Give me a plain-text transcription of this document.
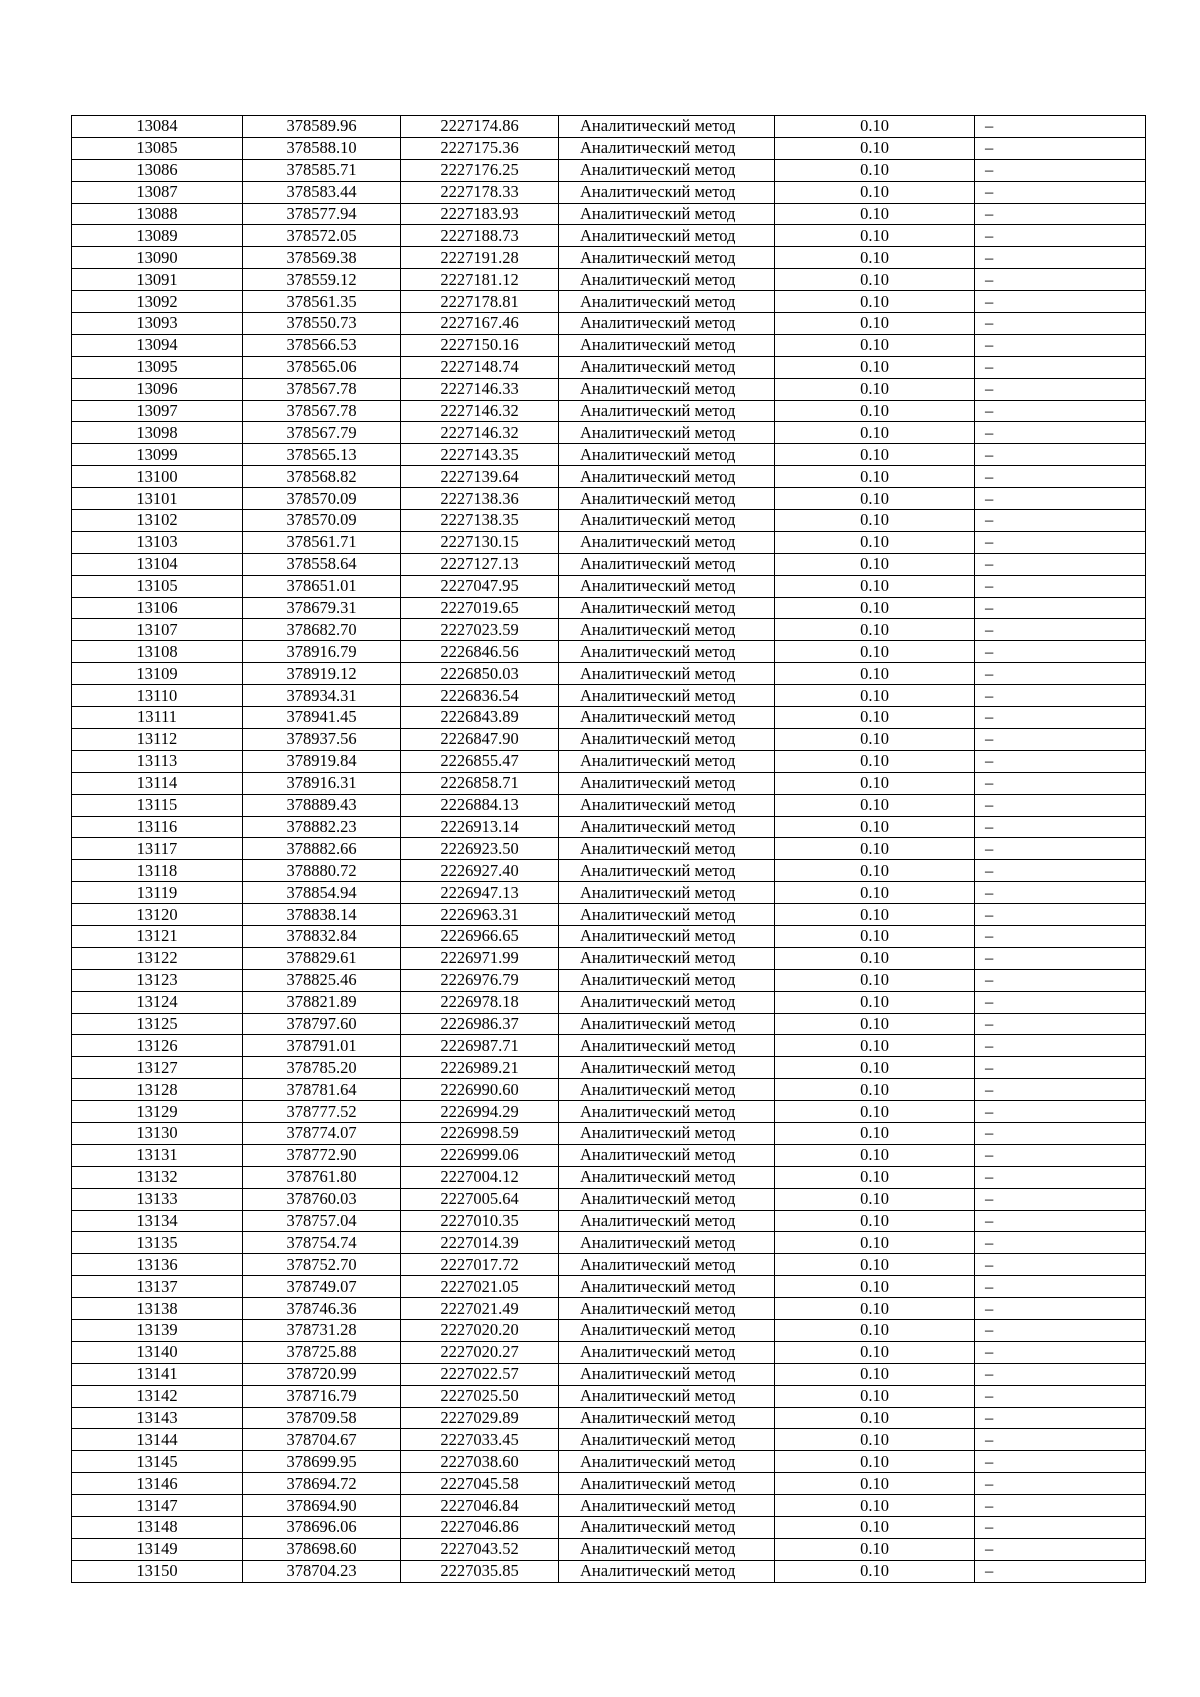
13084	378589.96	2227174.86	Аналитический метод	0.10	–
13085	378588.10	2227175.36	Аналитический метод	0.10	–
13086	378585.71	2227176.25	Аналитический метод	0.10	–
13087	378583.44	2227178.33	Аналитический метод	0.10	–
13088	378577.94	2227183.93	Аналитический метод	0.10	–
13089	378572.05	2227188.73	Аналитический метод	0.10	–
13090	378569.38	2227191.28	Аналитический метод	0.10	–
13091	378559.12	2227181.12	Аналитический метод	0.10	–
13092	378561.35	2227178.81	Аналитический метод	0.10	–
13093	378550.73	2227167.46	Аналитический метод	0.10	–
13094	378566.53	2227150.16	Аналитический метод	0.10	–
13095	378565.06	2227148.74	Аналитический метод	0.10	–
13096	378567.78	2227146.33	Аналитический метод	0.10	–
13097	378567.78	2227146.32	Аналитический метод	0.10	–
13098	378567.79	2227146.32	Аналитический метод	0.10	–
13099	378565.13	2227143.35	Аналитический метод	0.10	–
13100	378568.82	2227139.64	Аналитический метод	0.10	–
13101	378570.09	2227138.36	Аналитический метод	0.10	–
13102	378570.09	2227138.35	Аналитический метод	0.10	–
13103	378561.71	2227130.15	Аналитический метод	0.10	–
13104	378558.64	2227127.13	Аналитический метод	0.10	–
13105	378651.01	2227047.95	Аналитический метод	0.10	–
13106	378679.31	2227019.65	Аналитический метод	0.10	–
13107	378682.70	2227023.59	Аналитический метод	0.10	–
13108	378916.79	2226846.56	Аналитический метод	0.10	–
13109	378919.12	2226850.03	Аналитический метод	0.10	–
13110	378934.31	2226836.54	Аналитический метод	0.10	–
13111	378941.45	2226843.89	Аналитический метод	0.10	–
13112	378937.56	2226847.90	Аналитический метод	0.10	–
13113	378919.84	2226855.47	Аналитический метод	0.10	–
13114	378916.31	2226858.71	Аналитический метод	0.10	–
13115	378889.43	2226884.13	Аналитический метод	0.10	–
13116	378882.23	2226913.14	Аналитический метод	0.10	–
13117	378882.66	2226923.50	Аналитический метод	0.10	–
13118	378880.72	2226927.40	Аналитический метод	0.10	–
13119	378854.94	2226947.13	Аналитический метод	0.10	–
13120	378838.14	2226963.31	Аналитический метод	0.10	–
13121	378832.84	2226966.65	Аналитический метод	0.10	–
13122	378829.61	2226971.99	Аналитический метод	0.10	–
13123	378825.46	2226976.79	Аналитический метод	0.10	–
13124	378821.89	2226978.18	Аналитический метод	0.10	–
13125	378797.60	2226986.37	Аналитический метод	0.10	–
13126	378791.01	2226987.71	Аналитический метод	0.10	–
13127	378785.20	2226989.21	Аналитический метод	0.10	–
13128	378781.64	2226990.60	Аналитический метод	0.10	–
13129	378777.52	2226994.29	Аналитический метод	0.10	–
13130	378774.07	2226998.59	Аналитический метод	0.10	–
13131	378772.90	2226999.06	Аналитический метод	0.10	–
13132	378761.80	2227004.12	Аналитический метод	0.10	–
13133	378760.03	2227005.64	Аналитический метод	0.10	–
13134	378757.04	2227010.35	Аналитический метод	0.10	–
13135	378754.74	2227014.39	Аналитический метод	0.10	–
13136	378752.70	2227017.72	Аналитический метод	0.10	–
13137	378749.07	2227021.05	Аналитический метод	0.10	–
13138	378746.36	2227021.49	Аналитический метод	0.10	–
13139	378731.28	2227020.20	Аналитический метод	0.10	–
13140	378725.88	2227020.27	Аналитический метод	0.10	–
13141	378720.99	2227022.57	Аналитический метод	0.10	–
13142	378716.79	2227025.50	Аналитический метод	0.10	–
13143	378709.58	2227029.89	Аналитический метод	0.10	–
13144	378704.67	2227033.45	Аналитический метод	0.10	–
13145	378699.95	2227038.60	Аналитический метод	0.10	–
13146	378694.72	2227045.58	Аналитический метод	0.10	–
13147	378694.90	2227046.84	Аналитический метод	0.10	–
13148	378696.06	2227046.86	Аналитический метод	0.10	–
13149	378698.60	2227043.52	Аналитический метод	0.10	–
13150	378704.23	2227035.85	Аналитический метод	0.10	–
